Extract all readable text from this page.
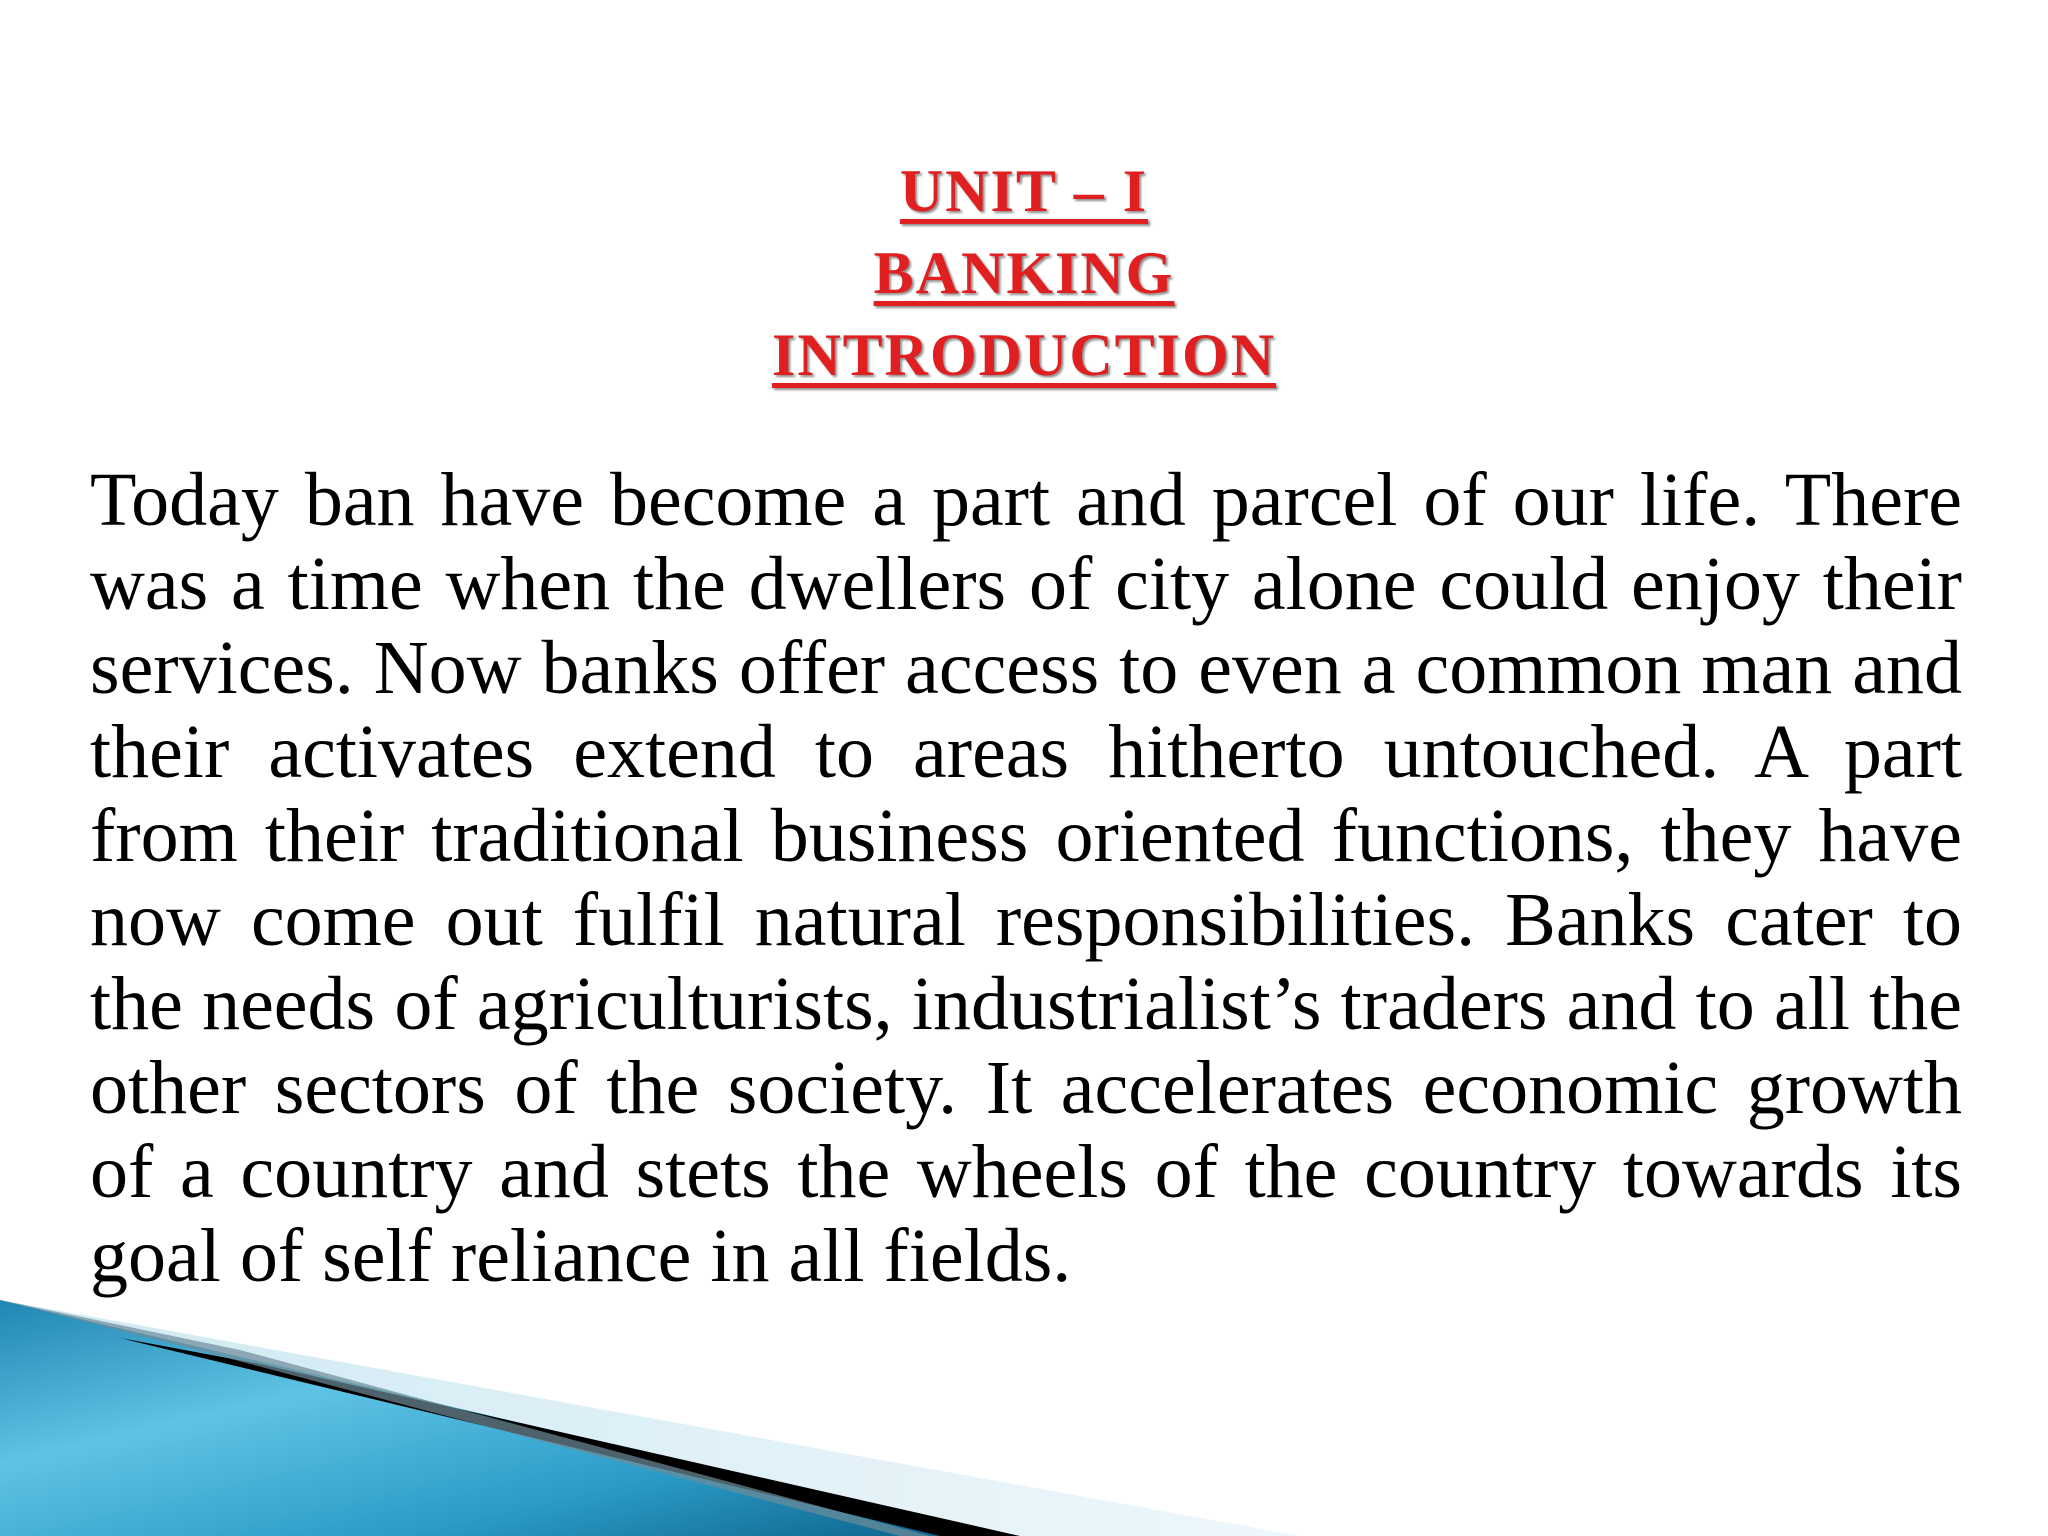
UNIT – I
BANKING
INTRODUCTION

Today ban have become a part and parcel of our life. There was a time when the dwellers of city alone could enjoy their services. Now banks offer access to even a common man and their activates extend to areas hitherto untouched. A part from their traditional business oriented functions, they have now come out fulfil natural responsibilities. Banks cater to the needs of agriculturists, industrialist’s traders and to all the other sectors of the society. It accelerates economic growth of a country and stets the wheels of the country towards its goal of self reliance in all fields.
